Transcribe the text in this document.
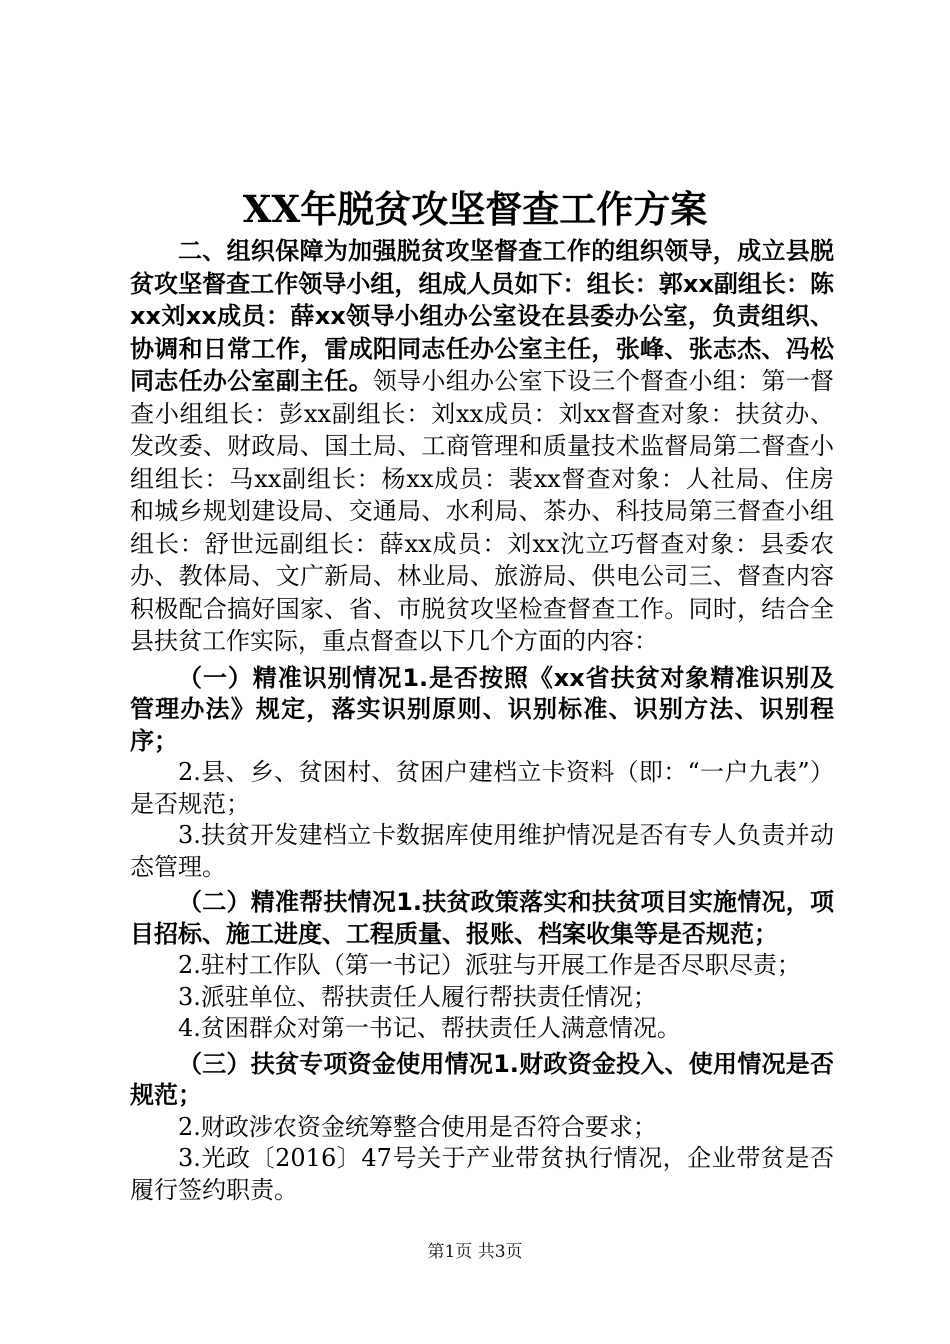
XX年脱贫攻坚督查工作方案

二、组织保障为加强脱贫攻坚督查工作的组织领导，成立县脱贫攻坚督查工作领导小组，组成人员如下：组长：郭xx副组长：陈xx刘xx成员：薛xx领导小组办公室设在县委办公室，负责组织、协调和日常工作，雷成阳同志任办公室主任，张峰、张志杰、冯松同志任办公室副主任。领导小组办公室下设三个督查小组：第一督查小组组长：彭xx副组长：刘xx成员：刘xx督查对象：扶贫办、发改委、财政局、国土局、工商管理和质量技术监督局第二督查小组组长：马xx副组长：杨xx成员：裴xx督查对象：人社局、住房和城乡规划建设局、交通局、水利局、茶办、科技局第三督查小组组长：舒世远副组长：薛xx成员：刘xx沈立巧督查对象：县委农办、教体局、文广新局、林业局、旅游局、供电公司三、督查内容积极配合搞好国家、省、市脱贫攻坚检查督查工作。同时，结合全县扶贫工作实际，重点督查以下几个方面的内容：

（一）精准识别情况1.是否按照《xx省扶贫对象精准识别及管理办法》规定，落实识别原则、识别标准、识别方法、识别程序；

2.县、乡、贫困村、贫困户建档立卡资料（即：“一户九表”）是否规范；

3.扶贫开发建档立卡数据库使用维护情况是否有专人负责并动态管理。

（二）精准帮扶情况1.扶贫政策落实和扶贫项目实施情况，项目招标、施工进度、工程质量、报账、档案收集等是否规范；

2.驻村工作队（第一书记）派驻与开展工作是否尽职尽责；

3.派驻单位、帮扶责任人履行帮扶责任情况；

4.贫困群众对第一书记、帮扶责任人满意情况。

（三）扶贫专项资金使用情况1.财政资金投入、使用情况是否规范；

2.财政涉农资金统筹整合使用是否符合要求；

3.光政〔2016〕47号关于产业带贫执行情况，企业带贫是否履行签约职责。

第1页 共3页
